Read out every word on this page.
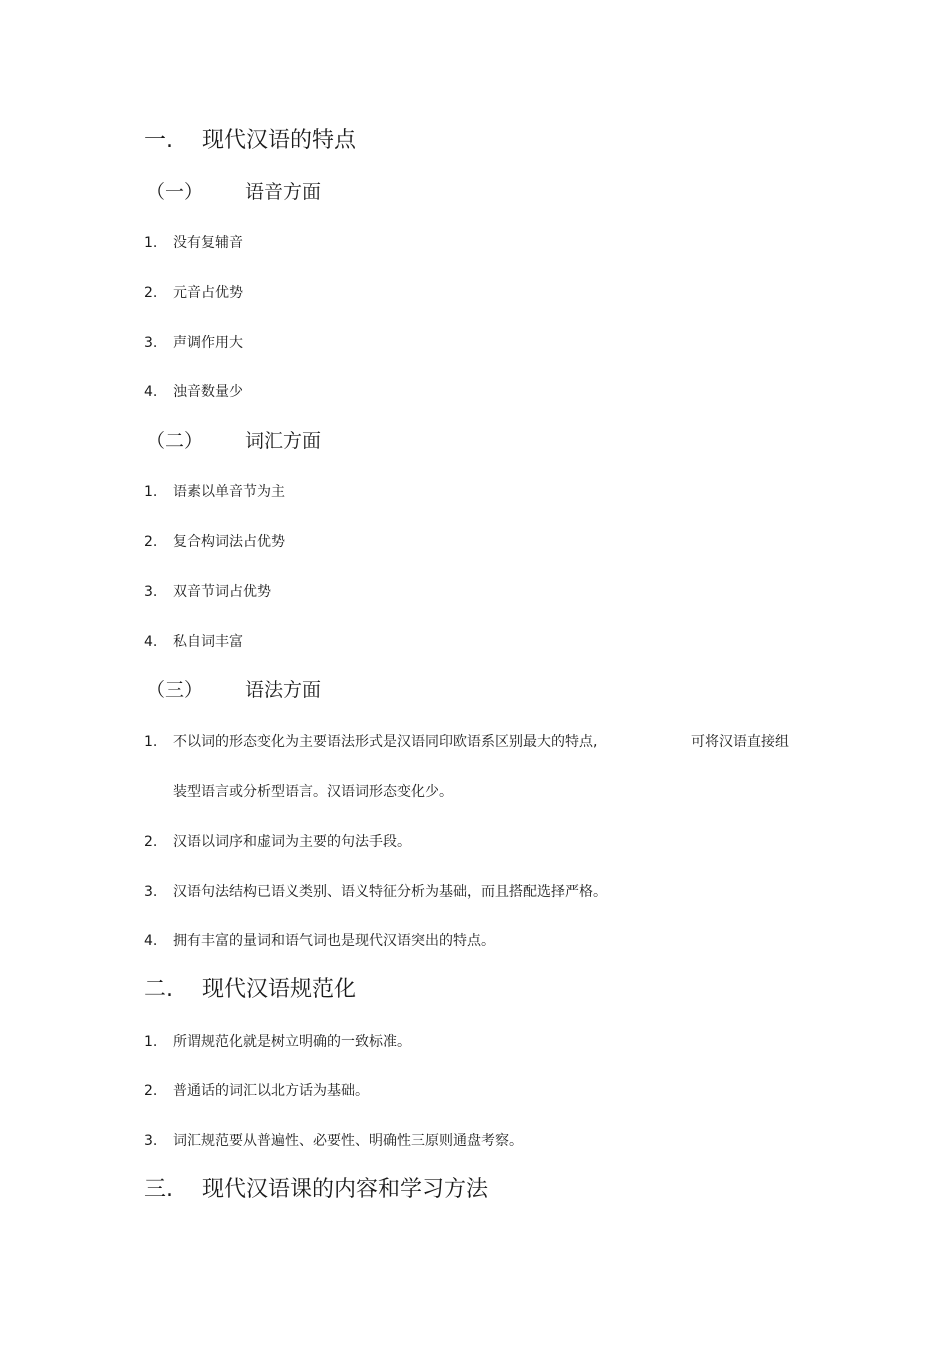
一. 现代汉语的特点
（一） 语音方面
1. 没有复辅音
2. 元音占优势
3. 声调作用大
4. 浊音数量少
（二） 词汇方面
1. 语素以单音节为主
2. 复合构词法占优势
3. 双音节词占优势
4. 私自词丰富
（三） 语法方面
1. 不以词的形态变化为主要语法形式是汉语同印欧语系区别最大的特点,	可将汉语直接组
装型语言或分析型语言。汉语词形态变化少。
2. 汉语以词序和虚词为主要的句法手段。
3. 汉语句法结构已语义类别、语义特征分析为基础，而且搭配选择严格。
4. 拥有丰富的量词和语气词也是现代汉语突出的特点。
二. 现代汉语规范化
1. 所谓规范化就是树立明确的一致标准。
2. 普通话的词汇以北方话为基础。
3. 词汇规范要从普遍性、必要性、明确性三原则通盘考察。
三. 现代汉语课的内容和学习方法
